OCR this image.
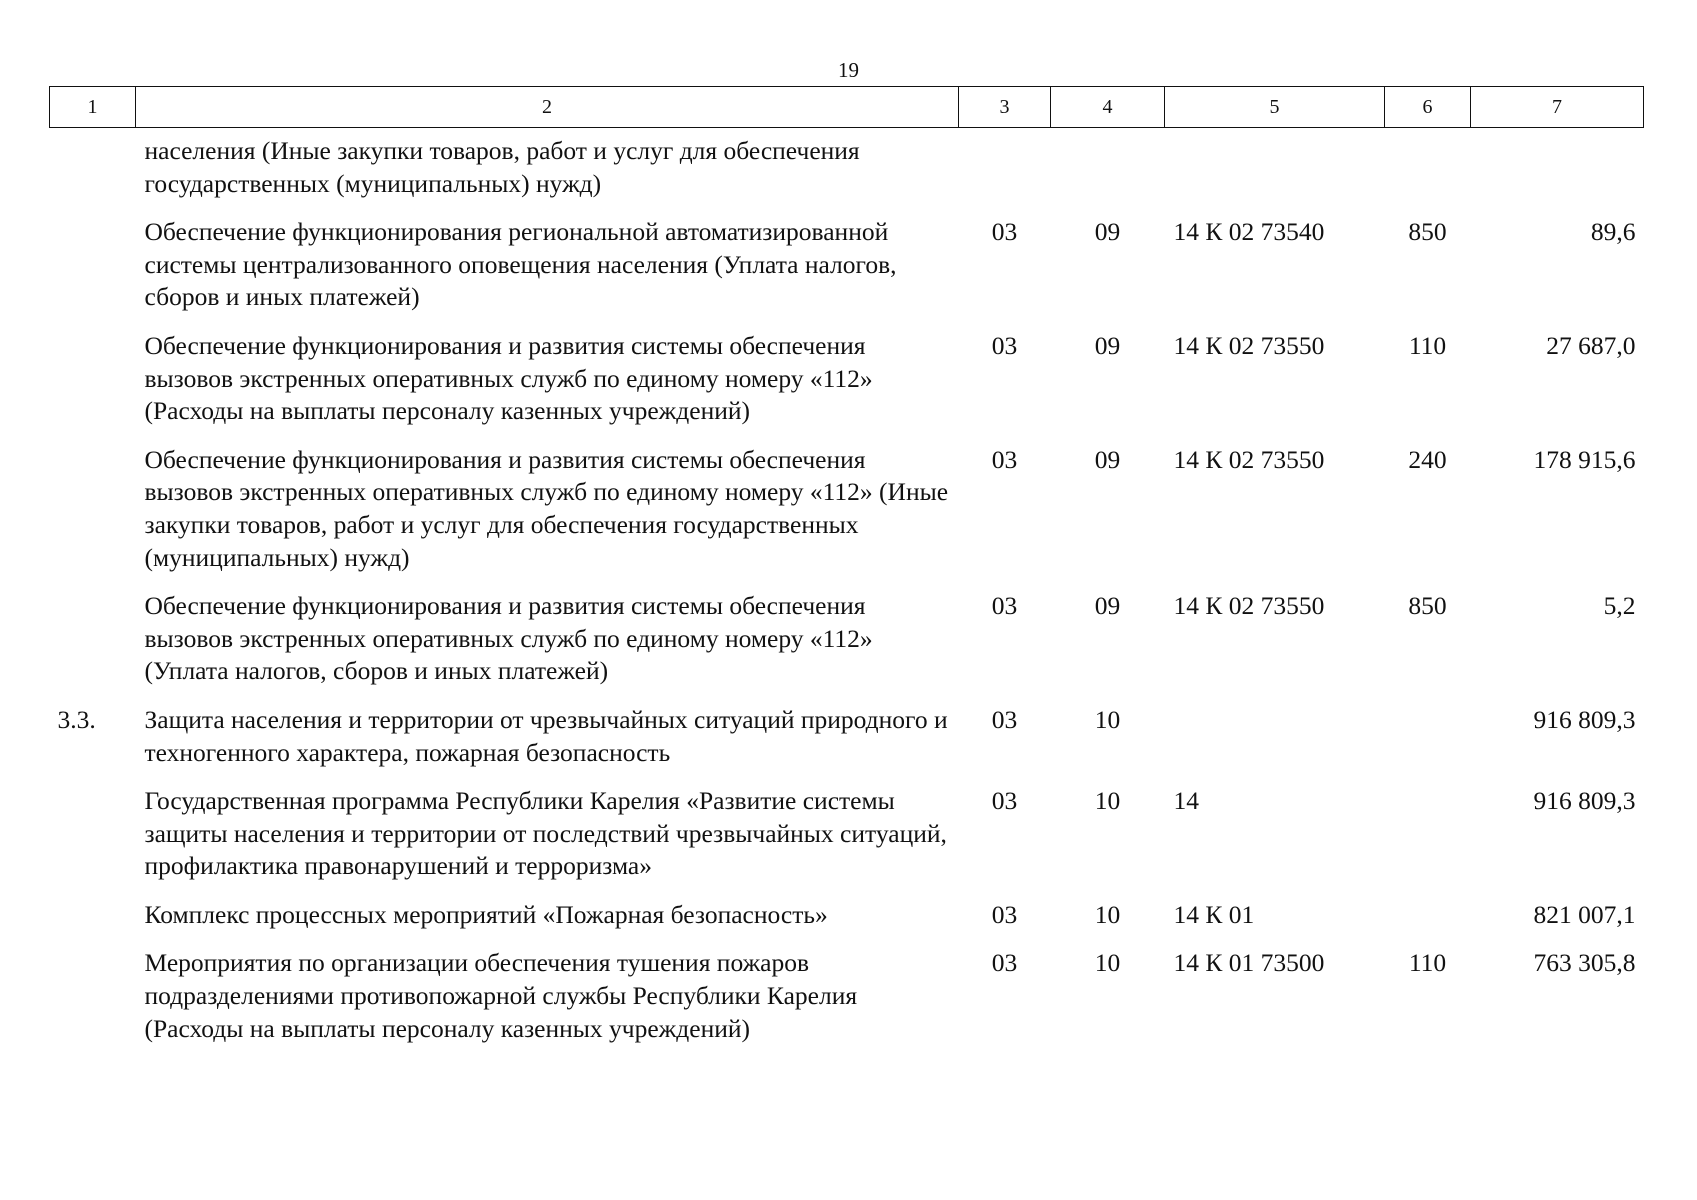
19
1	2	3	4	5	6	7
	населения (Иные закупки товаров, работ и услуг для обеспечения государственных (муниципальных) нужд)					
	Обеспечение функционирования региональной автоматизированной системы централизованного оповещения населения (Уплата налогов, сборов и иных платежей)	03	09	14 К 02 73540	850	89,6
	Обеспечение функционирования и развития системы обеспечения вызовов экстренных оперативных служб по единому номеру «112» (Расходы на выплаты персоналу казенных учреждений)	03	09	14 К 02 73550	110	27 687,0
	Обеспечение функционирования и развития системы обеспечения вызовов экстренных оперативных служб по единому номеру «112» (Иные закупки товаров, работ и услуг для обеспечения государственных (муниципальных) нужд)	03	09	14 К 02 73550	240	178 915,6
	Обеспечение функционирования и развития системы обеспечения вызовов экстренных оперативных служб по единому номеру «112» (Уплата налогов, сборов и иных платежей)	03	09	14 К 02 73550	850	5,2
3.3.	Защита населения и территории от чрезвычайных ситуаций природного и техногенного характера, пожарная безопасность	03	10			916 809,3
	Государственная программа Республики Карелия «Развитие системы защиты населения и территории от последствий чрезвычайных ситуаций, профилактика правонарушений и терроризма»	03	10	14		916 809,3
	Комплекс процессных мероприятий «Пожарная безопасность»	03	10	14 К 01		821 007,1
	Мероприятия по организации обеспечения тушения пожаров подразделениями противопожарной службы Республики Карелия (Расходы на выплаты персоналу казенных учреждений)	03	10	14 К 01 73500	110	763 305,8
